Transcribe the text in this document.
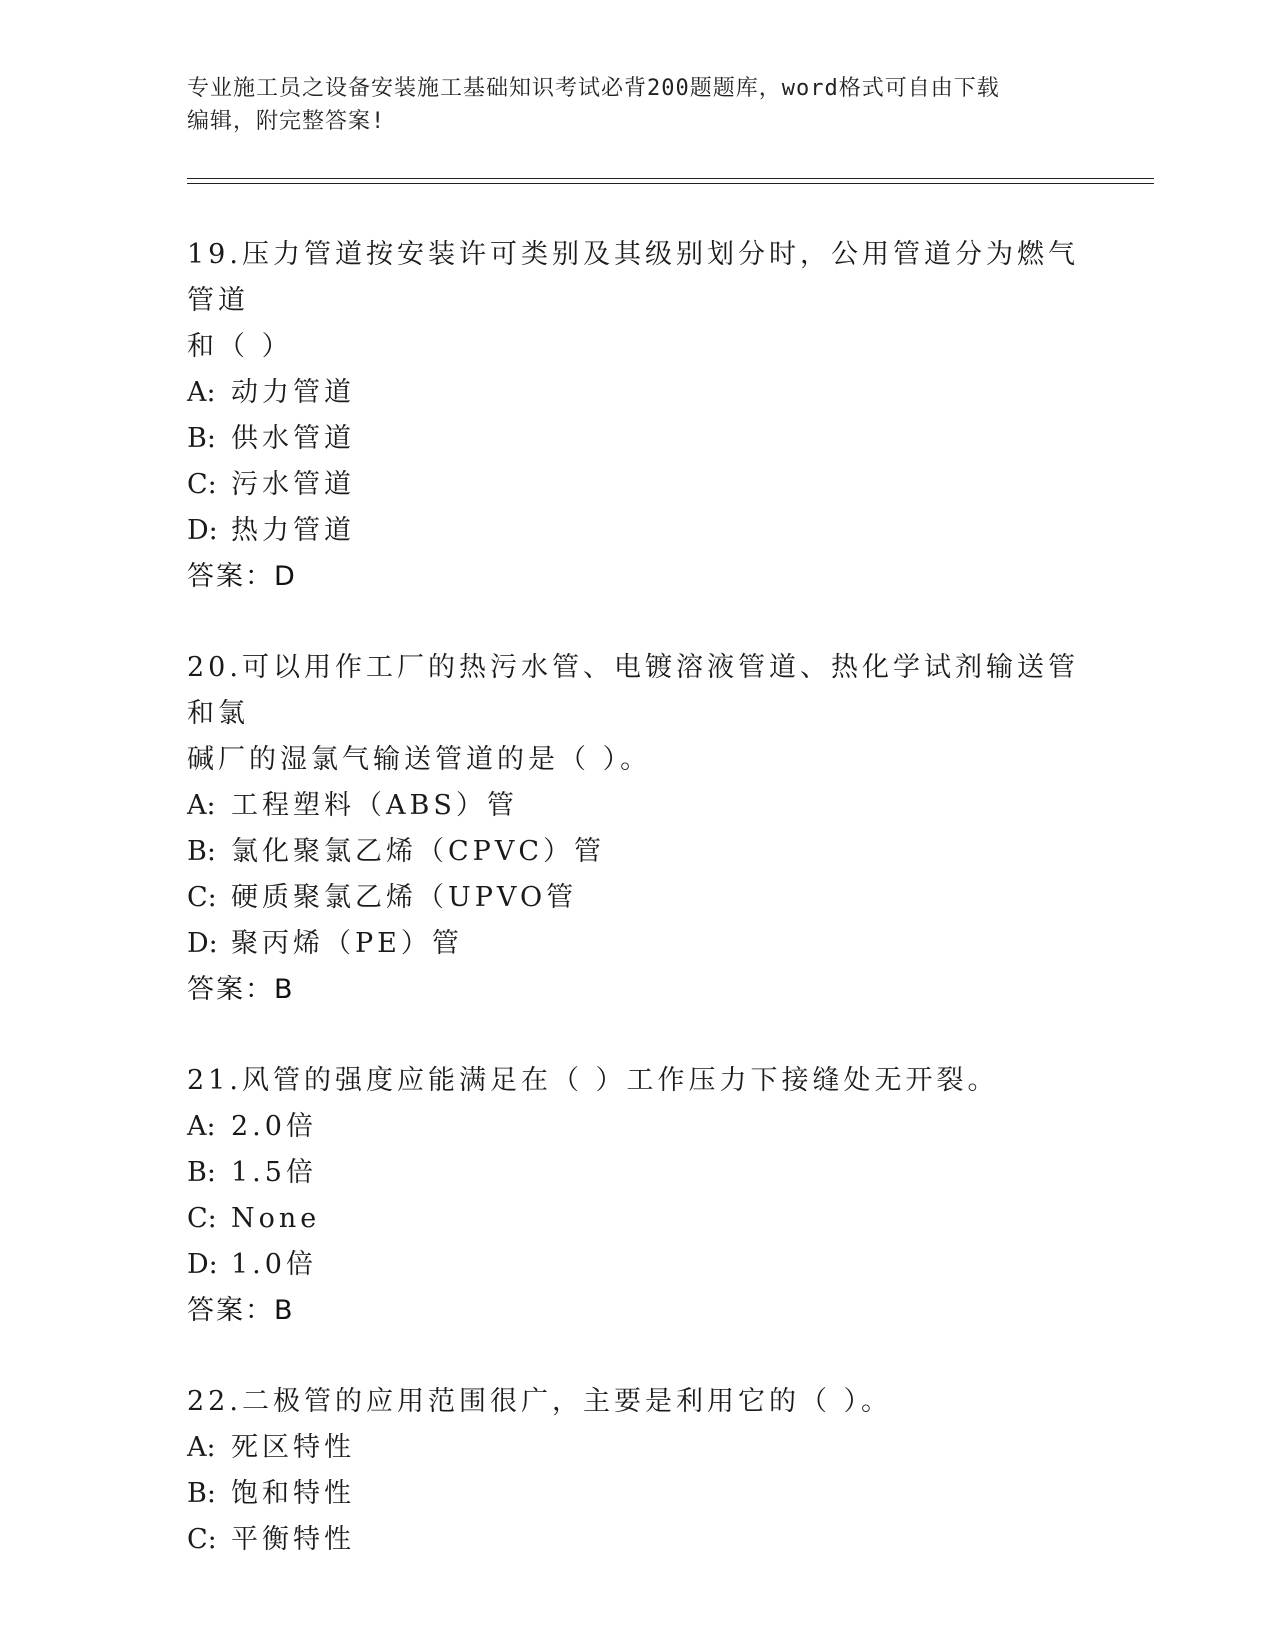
专业施工员之设备安装施工基础知识考试必背200题题库，word格式可自由下载
编辑，附完整答案!
19.压力管道按安装许可类别及其级别划分时，公用管道分为燃气管道
和（ ）
A: 动力管道
B: 供水管道
C: 污水管道
D: 热力管道
答案：D
20.可以用作工厂的热污水管、电镀溶液管道、热化学试剂输送管和氯
碱厂的湿氯气输送管道的是（ ）。
A: 工程塑料（ABS）管
B: 氯化聚氯乙烯（CPVC）管
C: 硬质聚氯乙烯（UPVO管
D: 聚丙烯（PE）管
答案：B
21.风管的强度应能满足在（ ）工作压力下接缝处无开裂。
A: 2.0倍
B: 1.5倍
C: None
D: 1.0倍
答案：B
22.二极管的应用范围很广，主要是利用它的（ ）。
A: 死区特性
B: 饱和特性
C: 平衡特性
